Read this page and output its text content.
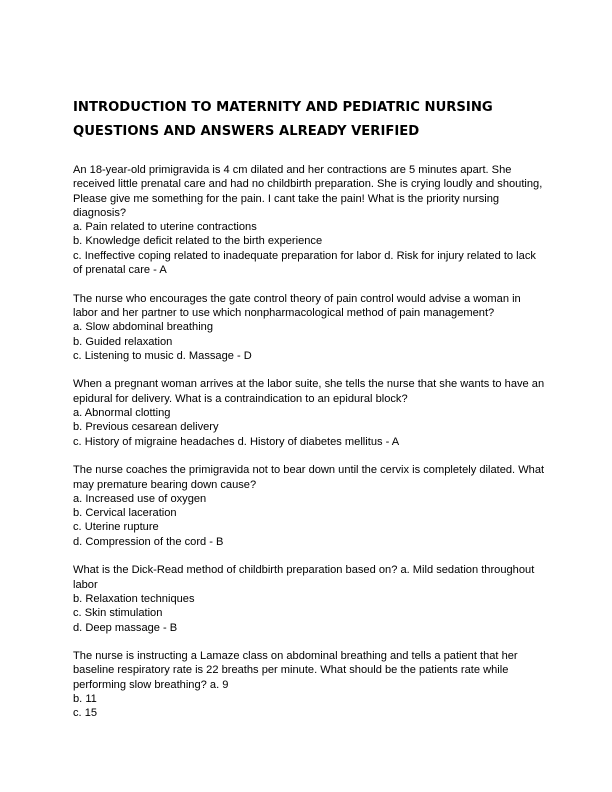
INTRODUCTION TO MATERNITY AND PEDIATRIC NURSING
QUESTIONS AND ANSWERS ALREADY VERIFIED
An 18-year-old primigravida is 4 cm dilated and her contractions are 5 minutes apart. She received little prenatal care and had no childbirth preparation. She is crying loudly and shouting, Please give me something for the pain. I cant take the pain! What is the priority nursing diagnosis?
a. Pain related to uterine contractions
b. Knowledge deficit related to the birth experience
c. Ineffective coping related to inadequate preparation for labor d. Risk for injury related to lack of prenatal care - A
The nurse who encourages the gate control theory of pain control would advise a woman in labor and her partner to use which nonpharmacological method of pain management?
a. Slow abdominal breathing
b. Guided relaxation
c. Listening to music d. Massage - D
When a pregnant woman arrives at the labor suite, she tells the nurse that she wants to have an epidural for delivery. What is a contraindication to an epidural block?
a. Abnormal clotting
b. Previous cesarean delivery
c. History of migraine headaches d. History of diabetes mellitus - A
The nurse coaches the primigravida not to bear down until the cervix is completely dilated. What may premature bearing down cause?
a. Increased use of oxygen
b. Cervical laceration
c. Uterine rupture
d. Compression of the cord - B
What is the Dick-Read method of childbirth preparation based on? a. Mild sedation throughout labor
b. Relaxation techniques
c. Skin stimulation
d. Deep massage - B
The nurse is instructing a Lamaze class on abdominal breathing and tells a patient that her baseline respiratory rate is 22 breaths per minute. What should be the patients rate while performing slow breathing? a. 9
b. 11
c. 15
